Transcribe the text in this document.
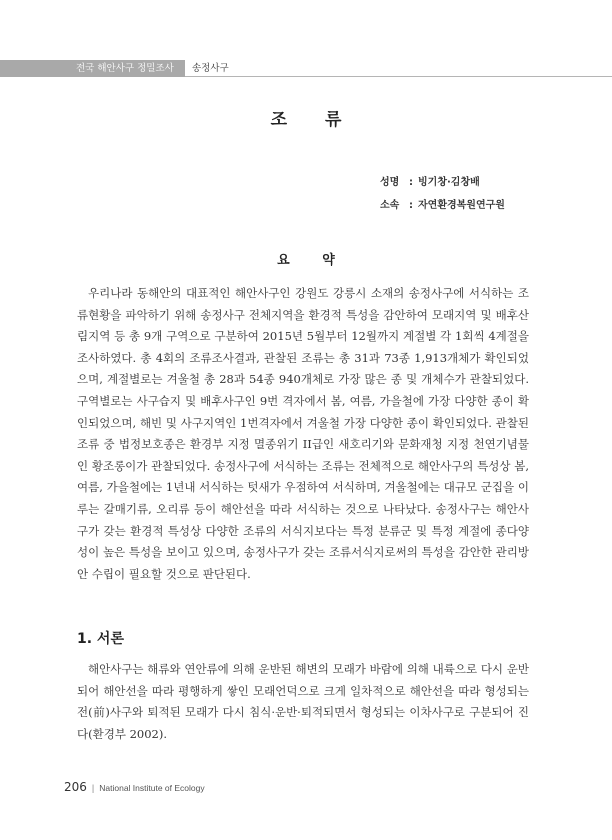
전국 해안사구 정밀조사	송정사구
조 류
성명 : 빙기창·김창배
소속 : 자연환경복원연구원
요 약

우리나라 동해안의 대표적인 해안사구인 강원도 강릉시 소재의 송정사구에 서식하는 조류현황을 파악하기 위해 송정사구 전체지역을 환경적 특성을 감안하여 모래지역 및 배후산림지역 등 총 9개 구역으로 구분하여 2015년 5월부터 12월까지 계절별 각 1회씩 4계절을 조사하였다. 총 4회의 조류조사결과, 관찰된 조류는 총 31과 73종 1,913개체가 확인되었으며, 계절별로는 겨울철 총 28과 54종 940개체로 가장 많은 종 및 개체수가 관찰되었다. 구역별로는 사구습지 및 배후사구인 9번 격자에서 봄, 여름, 가을철에 가장 다양한 종이 확인되었으며, 해빈 및 사구지역인 1번격자에서 겨울철 가장 다양한 종이 확인되었다. 관찰된 조류 중 법정보호종은 환경부 지정 멸종위기 II급인 새호리기와 문화재청 지정 천연기념물인 황조롱이가 관찰되었다. 송정사구에 서식하는 조류는 전체적으로 해안사구의 특성상 봄, 여름, 가을철에는 1년내 서식하는 텃새가 우점하여 서식하며, 겨울철에는 대규모 군집을 이루는 갈매기류, 오리류 등이 해안선을 따라 서식하는 것으로 나타났다. 송정사구는 해안사구가 갖는 환경적 특성상 다양한 조류의 서식지보다는 특정 분류군 및 특정 계절에 종다양성이 높은 특성을 보이고 있으며, 송정사구가 갖는 조류서식지로써의 특성을 감안한 관리방안 수립이 필요할 것으로 판단된다.

1. 서론

해안사구는 해류와 연안류에 의해 운반된 해변의 모래가 바람에 의해 내륙으로 다시 운반되어 해안선을 따라 평행하게 쌓인 모래언덕으로 크게 일차적으로 해안선을 따라 형성되는 전(前)사구와 퇴적된 모래가 다시 침식·운반·퇴적되면서 형성되는 이차사구로 구분되어 진다(환경부 2002).

206 | National Institute of Ecology
